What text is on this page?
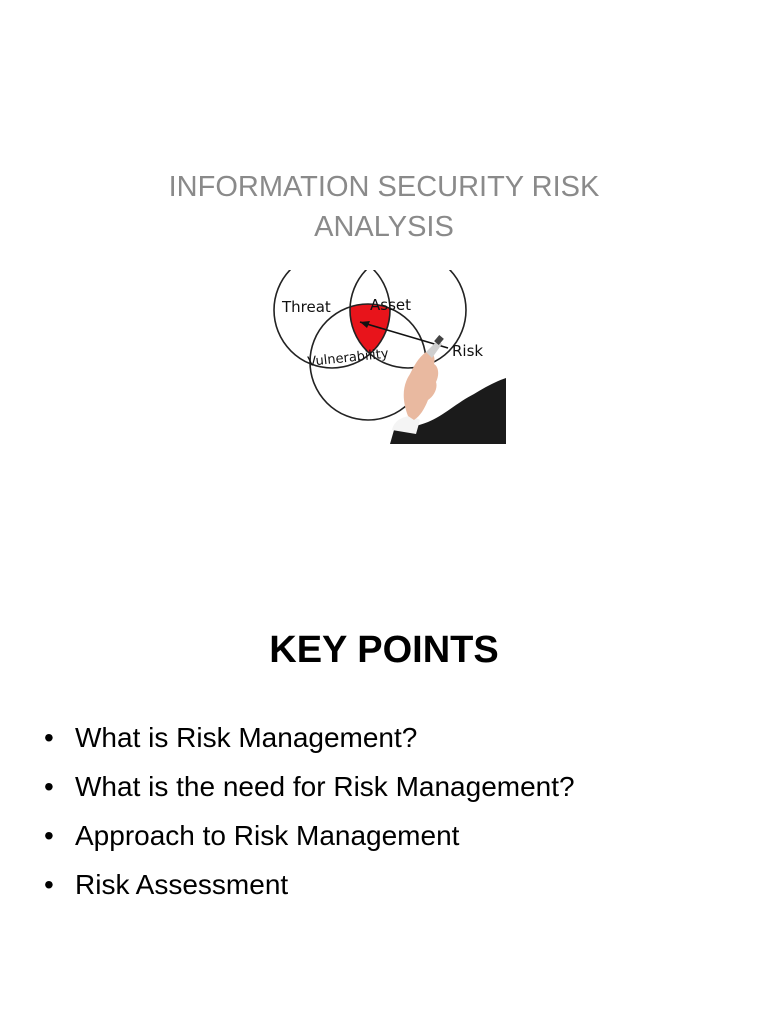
INFORMATION SECURITY RISK
ANALYSIS
Threat	Asset
Vulnerability	Risk
KEY POINTS
• What is Risk Management?
• What is the need for Risk Management?
• Approach to Risk Management
• Risk Assessment
